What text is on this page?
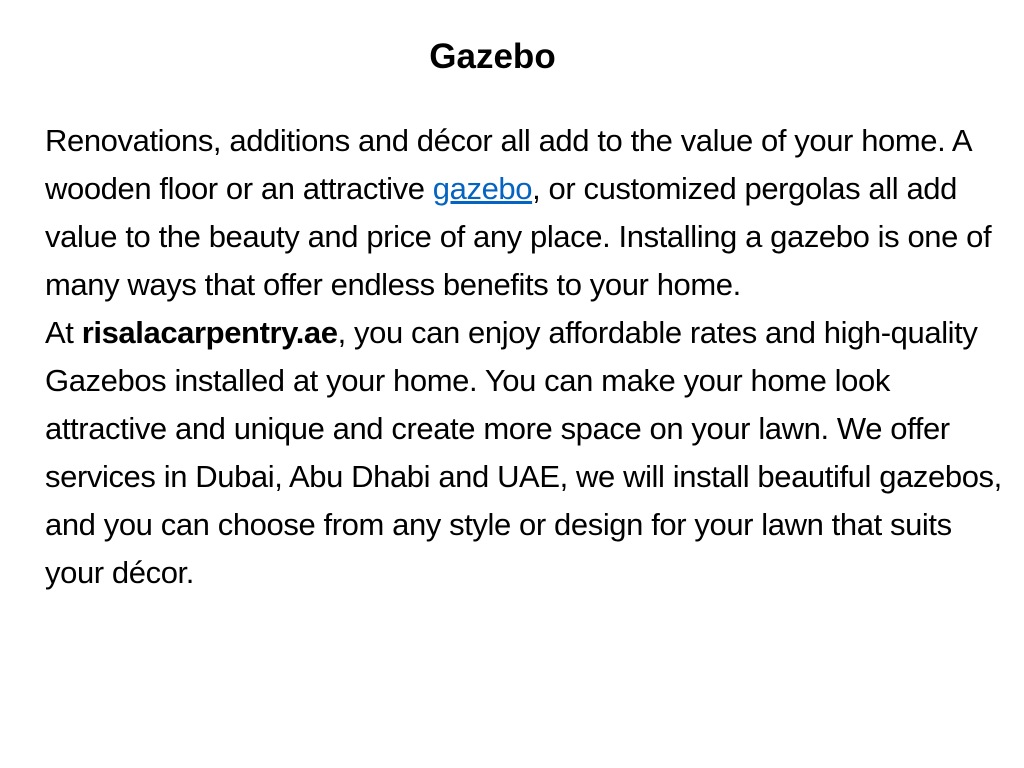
Gazebo

Renovations, additions and décor all add to the value of your home. A wooden floor or an attractive gazebo, or customized pergolas all add value to the beauty and price of any place. Installing a gazebo is one of many ways that offer endless benefits to your home.

At risalacarpentry.ae, you can enjoy affordable rates and high-quality Gazebos installed at your home. You can make your home look attractive and unique and create more space on your lawn. We offer services in Dubai, Abu Dhabi and UAE, we will install beautiful gazebos, and you can choose from any style or design for your lawn that suits your décor.
